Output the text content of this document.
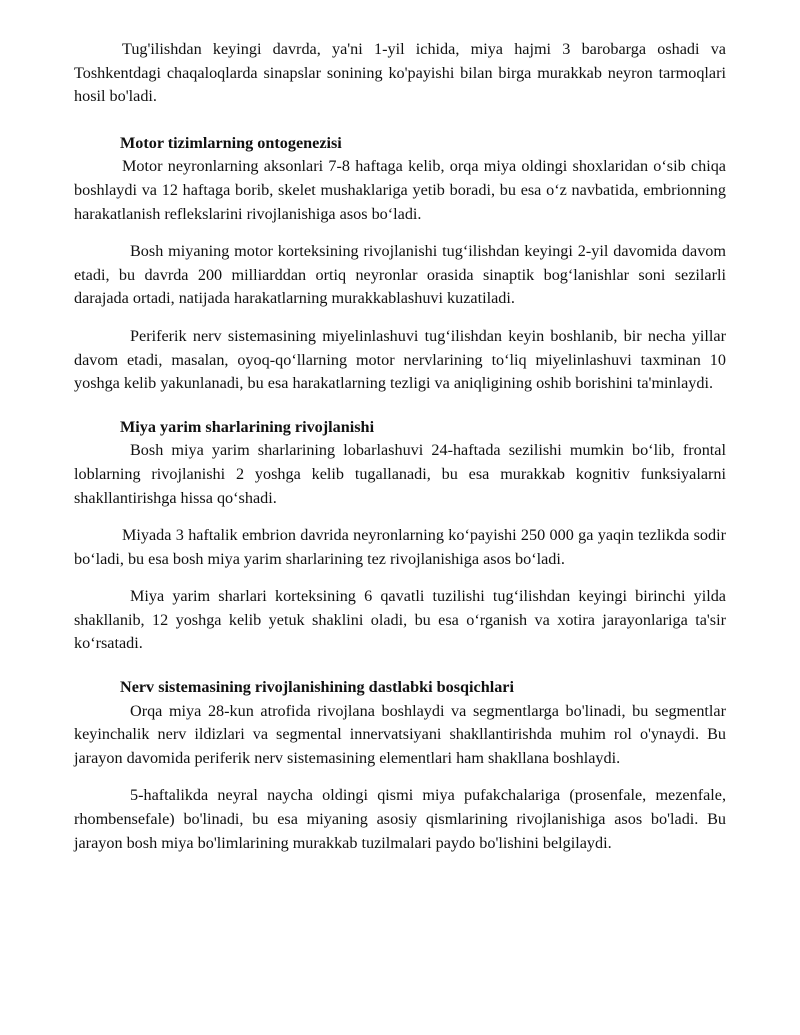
Tug'ilishdan keyingi davrda, ya'ni 1-yil ichida, miya hajmi 3 barobarga oshadi va Toshkentdagi chaqaloqlarda sinapslar sonining ko'payishi bilan birga murakkab neyron tarmoqlari hosil bo'ladi.

Motor tizimlarning ontogenezisi

Motor neyronlarning aksonlari 7-8 haftaga kelib, orqa miya oldingi shoxlaridan o‘sib chiqa boshlaydi va 12 haftaga borib, skelet mushaklariga yetib boradi, bu esa o‘z navbatida, embrionning harakatlanish reflekslarini rivojlanishiga asos bo‘ladi.

Bosh miyaning motor korteksining rivojlanishi tug‘ilishdan keyingi 2-yil davomida davom etadi, bu davrda 200 milliarddan ortiq neyronlar orasida sinaptik bog‘lanishlar soni sezilarli darajada ortadi, natijada harakatlarning murakkablashuvi kuzatiladi.

Periferik nerv sistemasining miyelinlashuvi tug‘ilishdan keyin boshlanib, bir necha yillar davom etadi, masalan, oyoq-qo‘llarning motor nervlarining to‘liq miyelinlashuvi taxminan 10 yoshga kelib yakunlanadi, bu esa harakatlarning tezligi va aniqligining oshib borishini ta'minlaydi.

Miya yarim sharlarining rivojlanishi

Bosh miya yarim sharlarining lobarlashuvi 24-haftada sezilishi mumkin bo‘lib, frontal loblarning rivojlanishi 2 yoshga kelib tugallanadi, bu esa murakkab kognitiv funksiyalarni shakllantirishga hissa qo‘shadi.

Miyada 3 haftalik embrion davrida neyronlarning ko‘payishi 250 000 ga yaqin tezlikda sodir bo‘ladi, bu esa bosh miya yarim sharlarining tez rivojlanishiga asos bo‘ladi.

Miya yarim sharlari korteksining 6 qavatli tuzilishi tug‘ilishdan keyingi birinchi yilda shakllanib, 12 yoshga kelib yetuk shaklini oladi, bu esa o‘rganish va xotira jarayonlariga ta'sir ko‘rsatadi.

Nerv sistemasining rivojlanishining dastlabki bosqichlari

Orqa miya 28-kun atrofida rivojlana boshlaydi va segmentlarga bo'linadi, bu segmentlar keyinchalik nerv ildizlari va segmental innervatsiyani shakllantirishda muhim rol o'ynaydi. Bu jarayon davomida periferik nerv sistemasining elementlari ham shakllana boshlaydi.

5-haftalikda neyral naycha oldingi qismi miya pufakchalariga (prosenfale, mezenfale, rhombensefale) bo'linadi, bu esa miyaning asosiy qismlarining rivojlanishiga asos bo'ladi. Bu jarayon bosh miya bo'limlarining murakkab tuzilmalari paydo bo'lishini belgilaydi.
